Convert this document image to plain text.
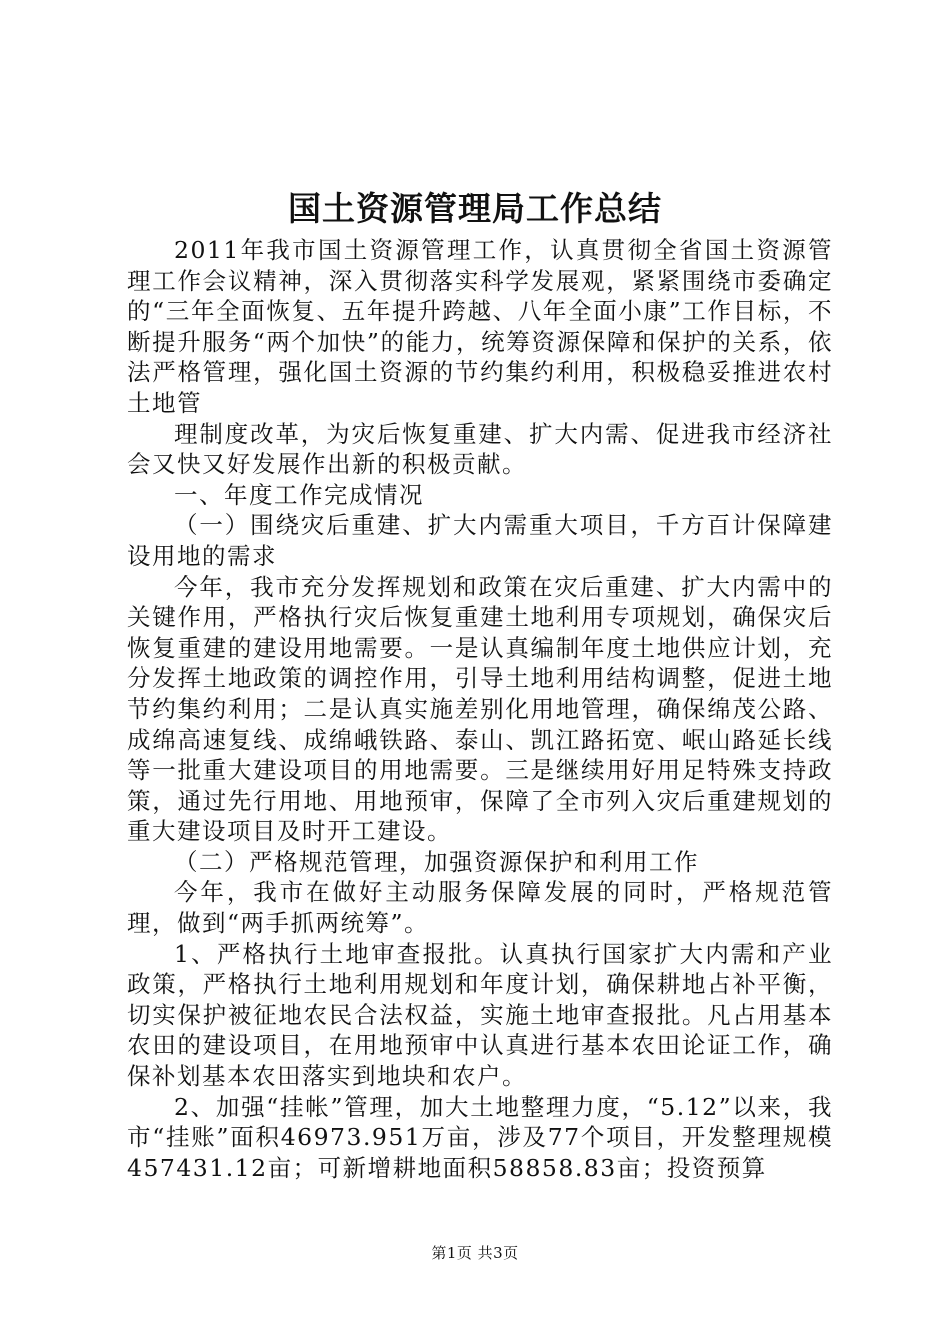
国土资源管理局工作总结

2011年我市国土资源管理工作，认真贯彻全省国土资源管理工作会议精神，深入贯彻落实科学发展观，紧紧围绕市委确定的“三年全面恢复、五年提升跨越、八年全面小康”工作目标，不断提升服务“两个加快”的能力，统筹资源保障和保护的关系，依法严格管理，强化国土资源的节约集约利用，积极稳妥推进农村土地管

理制度改革，为灾后恢复重建、扩大内需、促进我市经济社会又快又好发展作出新的积极贡献。

一、年度工作完成情况

（一）围绕灾后重建、扩大内需重大项目，千方百计保障建设用地的需求

今年，我市充分发挥规划和政策在灾后重建、扩大内需中的关键作用，严格执行灾后恢复重建土地利用专项规划，确保灾后恢复重建的建设用地需要。一是认真编制年度土地供应计划，充分发挥土地政策的调控作用，引导土地利用结构调整，促进土地节约集约利用；二是认真实施差别化用地管理，确保绵茂公路、成绵高速复线、成绵峨铁路、泰山、凯江路拓宽、岷山路延长线等一批重大建设项目的用地需要。三是继续用好用足特殊支持政策，通过先行用地、用地预审，保障了全市列入灾后重建规划的重大建设项目及时开工建设。

（二）严格规范管理，加强资源保护和利用工作

今年，我市在做好主动服务保障发展的同时，严格规范管理，做到“两手抓两统筹”。

1、严格执行土地审查报批。认真执行国家扩大内需和产业政策，严格执行土地利用规划和年度计划，确保耕地占补平衡，切实保护被征地农民合法权益，实施土地审查报批。凡占用基本农田的建设项目，在用地预审中认真进行基本农田论证工作，确保补划基本农田落实到地块和农户。

2、加强“挂帐”管理，加大土地整理力度，“5.12”以来，我市“挂账”面积46973.951万亩，涉及77个项目，开发整理规模457431.12亩；可新增耕地面积58858.83亩；投资预算

第1页 共3页
